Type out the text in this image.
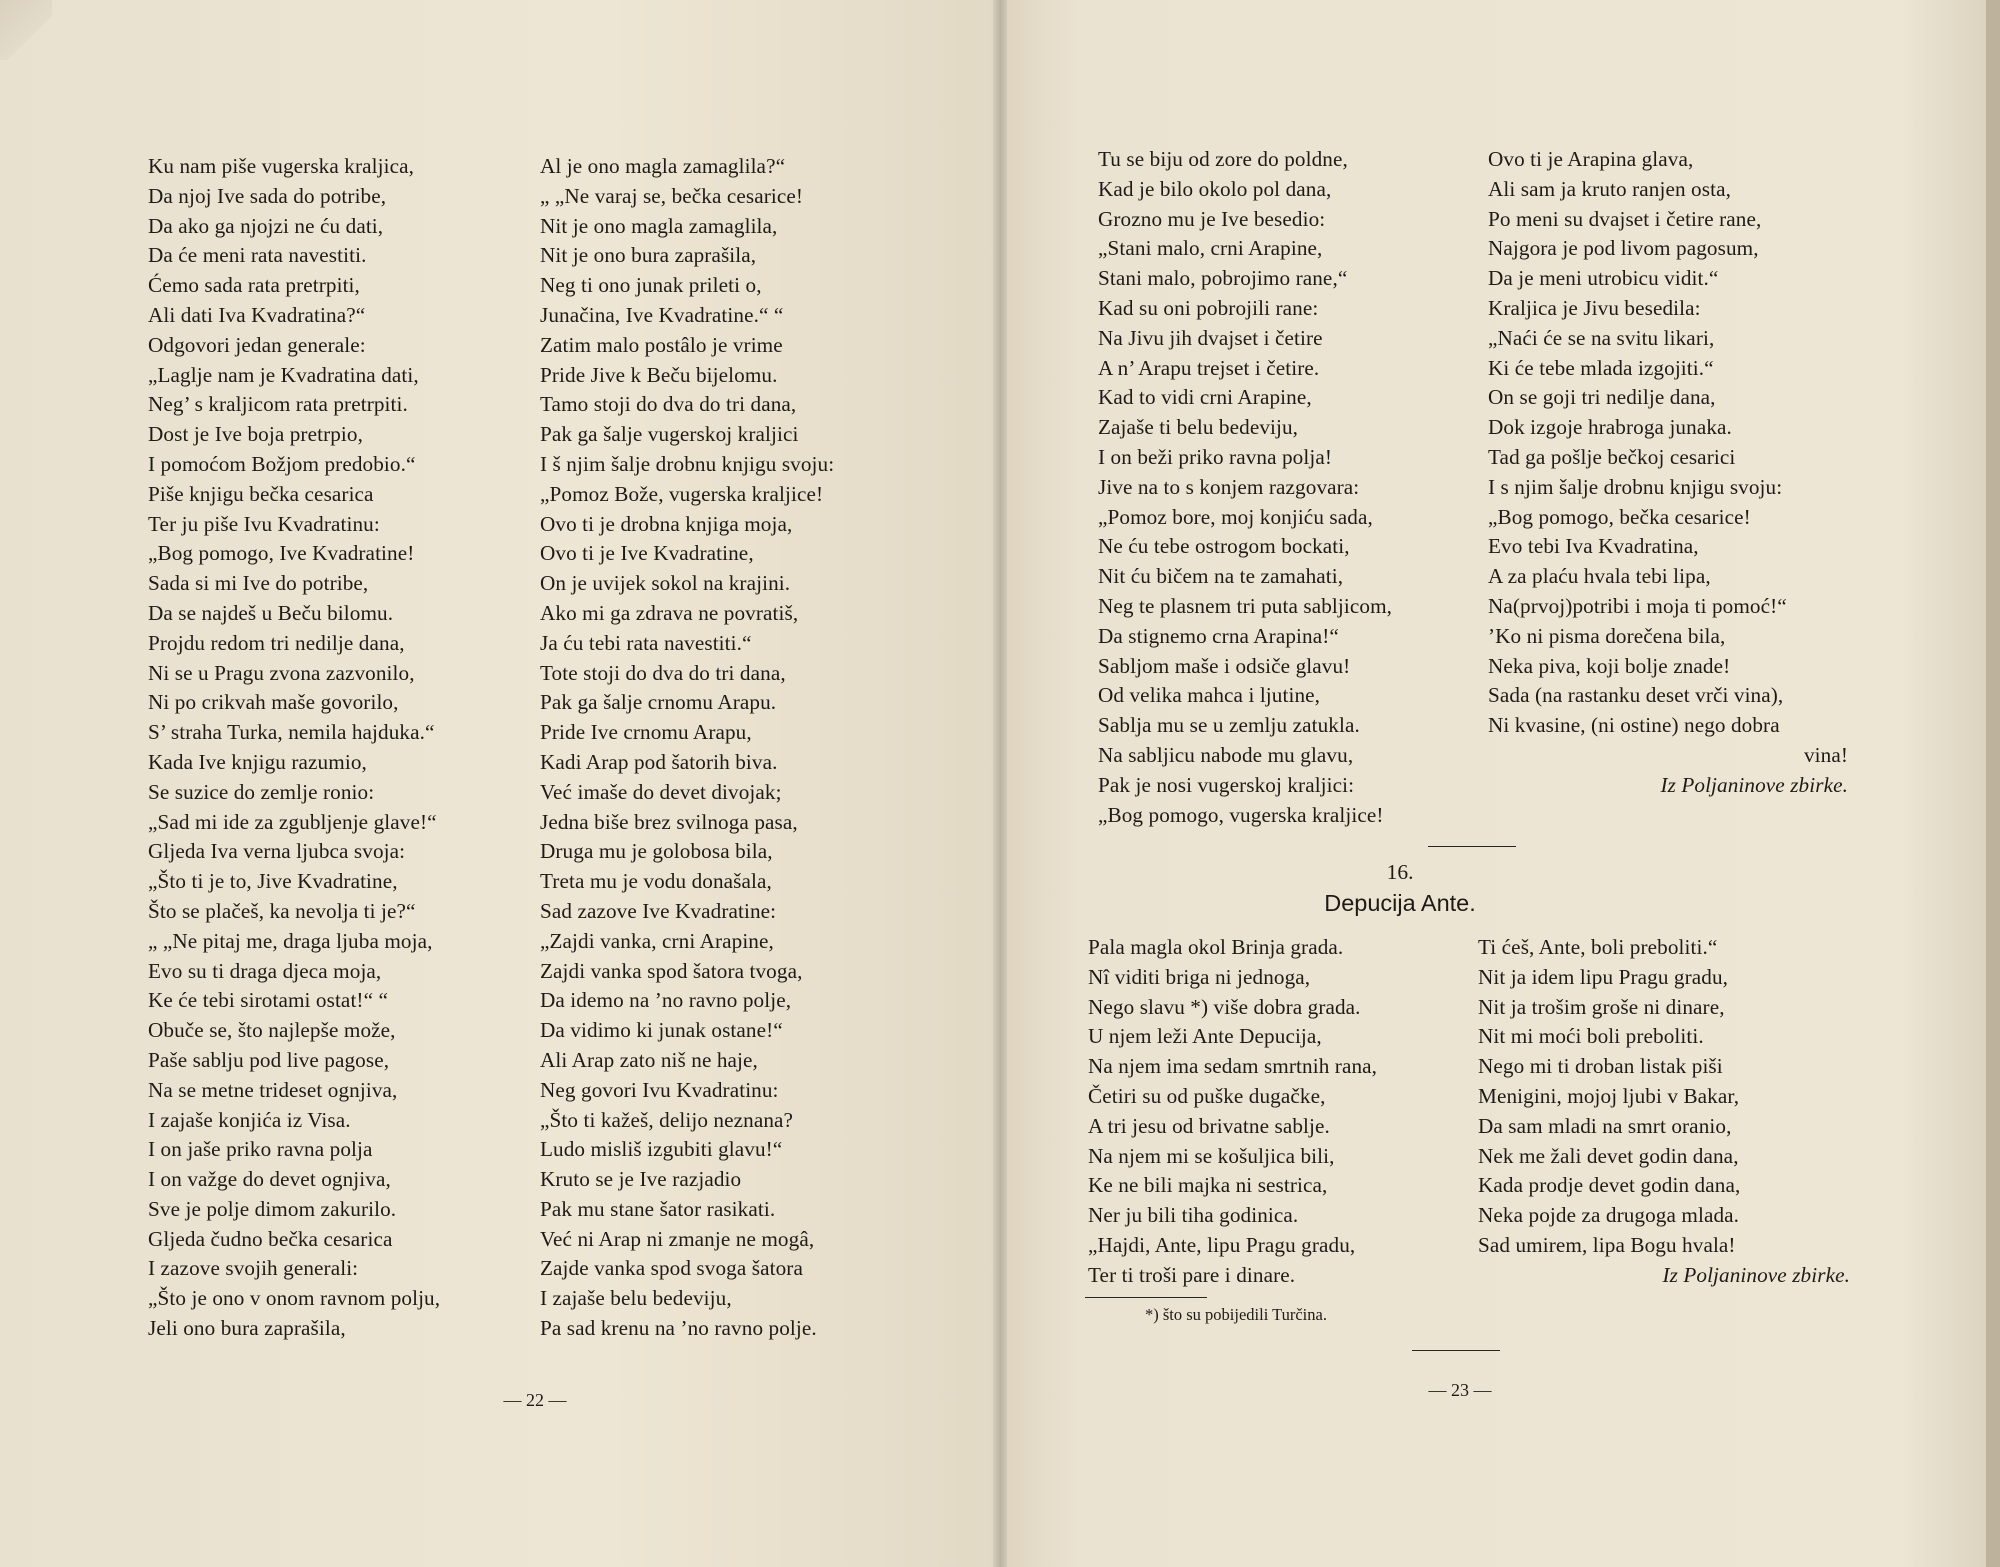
Ku nam piše vugerska kraljica,
Da njoj Ive sada do potribe,
Da ako ga njojzi ne ću dati,
Da će meni rata navestiti.
Ćemo sada rata pretrpiti,
Ali dati Iva Kvadratina?“
Odgovori jedan generale:
„Laglje nam je Kvadratina dati,
Neg’ s kraljicom rata pretrpiti.
Dost je Ive boja pretrpio,
I pomoćom Božjom predobio.“
Piše knjigu bečka cesarica
Ter ju piše Ivu Kvadratinu:
„Bog pomogo, Ive Kvadratine!
Sada si mi Ive do potribe,
Da se najdeš u Beču bilomu.
Projdu redom tri nedilje dana,
Ni se u Pragu zvona zazvonilo,
Ni po crikvah maše govorilo,
S’ straha Turka, nemila hajduka.“
Kada Ive knjigu razumio,
Se suzice do zemlje ronio:
„Sad mi ide za zgubljenje glave!“
Gljeda Iva verna ljubca svoja:
„Što ti je to, Jive Kvadratine,
Što se plačeš, ka nevolja ti je?“
„ „Ne pitaj me, draga ljuba moja,
Evo su ti draga djeca moja,
Ke će tebi sirotami ostat!“ “
Obuče se, što najlepše može,
Paše sablju pod live pagose,
Na se metne trideset ognjiva,
I zajaše konjića iz Visa.
I on jaše priko ravna polja
I on važge do devet ognjiva,
Sve je polje dimom zakurilo.
Gljeda čudno bečka cesarica
I zazove svojih generali:
„Što je ono v onom ravnom polju,
Jeli ono bura zaprašila,
Al je ono magla zamaglila?“
„ „Ne varaj se, bečka cesarice!
Nit je ono magla zamaglila,
Nit je ono bura zaprašila,
Neg ti ono junak prileti o,
Junačina, Ive Kvadratine.“ “
Zatim malo postâlo je vrime
Pride Jive k Beču bijelomu.
Tamo stoji do dva do tri dana,
Pak ga šalje vugerskoj kraljici
I š njim šalje drobnu knjigu svoju:
„Pomoz Bože, vugerska kraljice!
Ovo ti je drobna knjiga moja,
Ovo ti je Ive Kvadratine,
On je uvijek sokol na krajini.
Ako mi ga zdrava ne povratiš,
Ja ću tebi rata navestiti.“
Tote stoji do dva do tri dana,
Pak ga šalje crnomu Arapu.
Pride Ive crnomu Arapu,
Kadi Arap pod šatorih biva.
Već imaše do devet divojak;
Jedna biše brez svilnoga pasa,
Druga mu je golobosa bila,
Treta mu je vodu donašala,
Sad zazove Ive Kvadratine:
„Zajdi vanka, crni Arapine,
Zajdi vanka spod šatora tvoga,
Da idemo na ’no ravno polje,
Da vidimo ki junak ostane!“
Ali Arap zato niš ne haje,
Neg govori Ivu Kvadratinu:
„Što ti kažeš, delijo neznana?
Ludo misliš izgubiti glavu!“
Kruto se je Ive razjadio
Pak mu stane šator rasikati.
Već ni Arap ni zmanje ne mogâ,
Zajde vanka spod svoga šatora
I zajaše belu bedeviju,
Pa sad krenu na ’no ravno polje.
— 22 —
Tu se biju od zore do poldne,
Kad je bilo okolo pol dana,
Grozno mu je Ive besedio:
„Stani malo, crni Arapine,
Stani malo, pobrojimo rane,“
Kad su oni pobrojili rane:
Na Jivu jih dvajset i četire
A n’ Arapu trejset i četire.
Kad to vidi crni Arapine,
Zajaše ti belu bedeviju,
I on beži priko ravna polja!
Jive na to s konjem razgovara:
„Pomoz bore, moj konjiću sada,
Ne ću tebe ostrogom bockati,
Nit ću bičem na te zamahati,
Neg te plasnem tri puta sabljicom,
Da stignemo crna Arapina!“
Sabljom maše i odsiče glavu!
Od velika mahca i ljutine,
Sablja mu se u zemlju zatukla.
Na sabljicu nabode mu glavu,
Pak je nosi vugerskoj kraljici:
„Bog pomogo, vugerska kraljice!
Ovo ti je Arapina glava,
Ali sam ja kruto ranjen osta,
Po meni su dvajset i četire rane,
Najgora je pod livom pagosum,
Da je meni utrobicu vidit.“
Kraljica je Jivu besedila:
„Naći će se na svitu likari,
Ki će tebe mlada izgojiti.“
On se goji tri nedilje dana,
Dok izgoje hrabroga junaka.
Tad ga pošlje bečkoj cesarici
I s njim šalje drobnu knjigu svoju:
„Bog pomogo, bečka cesarice!
Evo tebi Iva Kvadratina,
A za plaću hvala tebi lipa,
Na(prvoj)potribi i moja ti pomoć!“
’Ko ni pisma dorečena bila,
Neka piva, koji bolje znade!
Sada (na rastanku deset vrči vina),
Ni kvasine, (ni ostine) nego dobra
vina!
Iz Poljaninove zbirke.
16.
Depucija Ante.
Pala magla okol Brinja grada.
Nî viditi briga ni jednoga,
Nego slavu *) više dobra grada.
U njem leži Ante Depucija,
Na njem ima sedam smrtnih rana,
Četiri su od puške dugačke,
A tri jesu od brivatne sablje.
Na njem mi se košuljica bili,
Ke ne bili majka ni sestrica,
Ner ju bili tiha godinica.
„Hajdi, Ante, lipu Pragu gradu,
Ter ti troši pare i dinare.
Ti ćeš, Ante, boli preboliti.“
Nit ja idem lipu Pragu gradu,
Nit ja trošim groše ni dinare,
Nit mi moći boli preboliti.
Nego mi ti droban listak piši
Menigini, mojoj ljubi v Bakar,
Da sam mladi na smrt oranio,
Nek me žali devet godin dana,
Kada prodje devet godin dana,
Neka pojde za drugoga mlada.
Sad umirem, lipa Bogu hvala!
Iz Poljaninove zbirke.
*) što su pobijedili Turčina.
— 23 —
